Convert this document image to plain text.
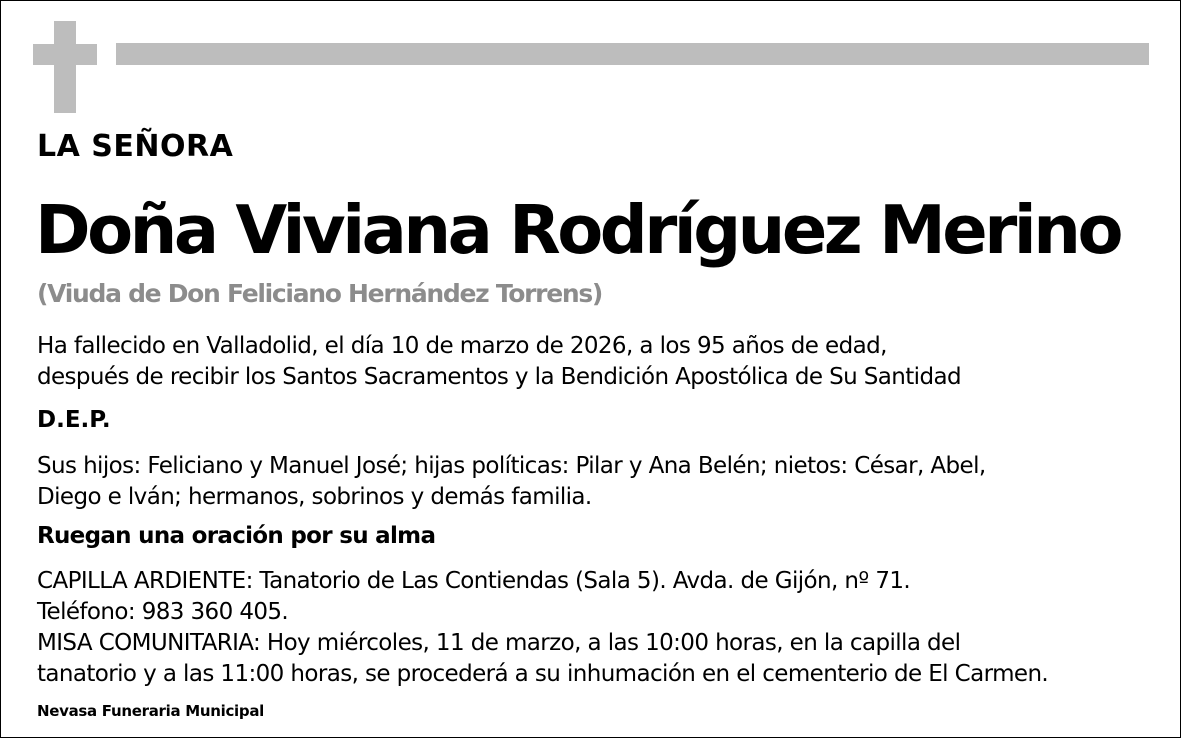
LA SEÑORA
Doña Viviana Rodríguez Merino
(Viuda de Don Feliciano Hernández Torrens)
Ha fallecido en Valladolid, el día 10 de marzo de 2026, a los 95 años de edad,
después de recibir los Santos Sacramentos y la Bendición Apostólica de Su Santidad
D.E.P.
Sus hijos: Feliciano y Manuel José; hijas políticas: Pilar y Ana Belén; nietos: César, Abel,
Diego e lván; hermanos, sobrinos y demás familia.
Ruegan una oración por su alma
CAPILLA ARDIENTE: Tanatorio de Las Contiendas (Sala 5). Avda. de Gijón, nº 71.
Teléfono: 983 360 405.
MISA COMUNITARIA: Hoy miércoles, 11 de marzo, a las 10:00 horas, en la capilla del
tanatorio y a las 11:00 horas, se procederá a su inhumación en el cementerio de El Carmen.
Nevasa Funeraria Municipal
